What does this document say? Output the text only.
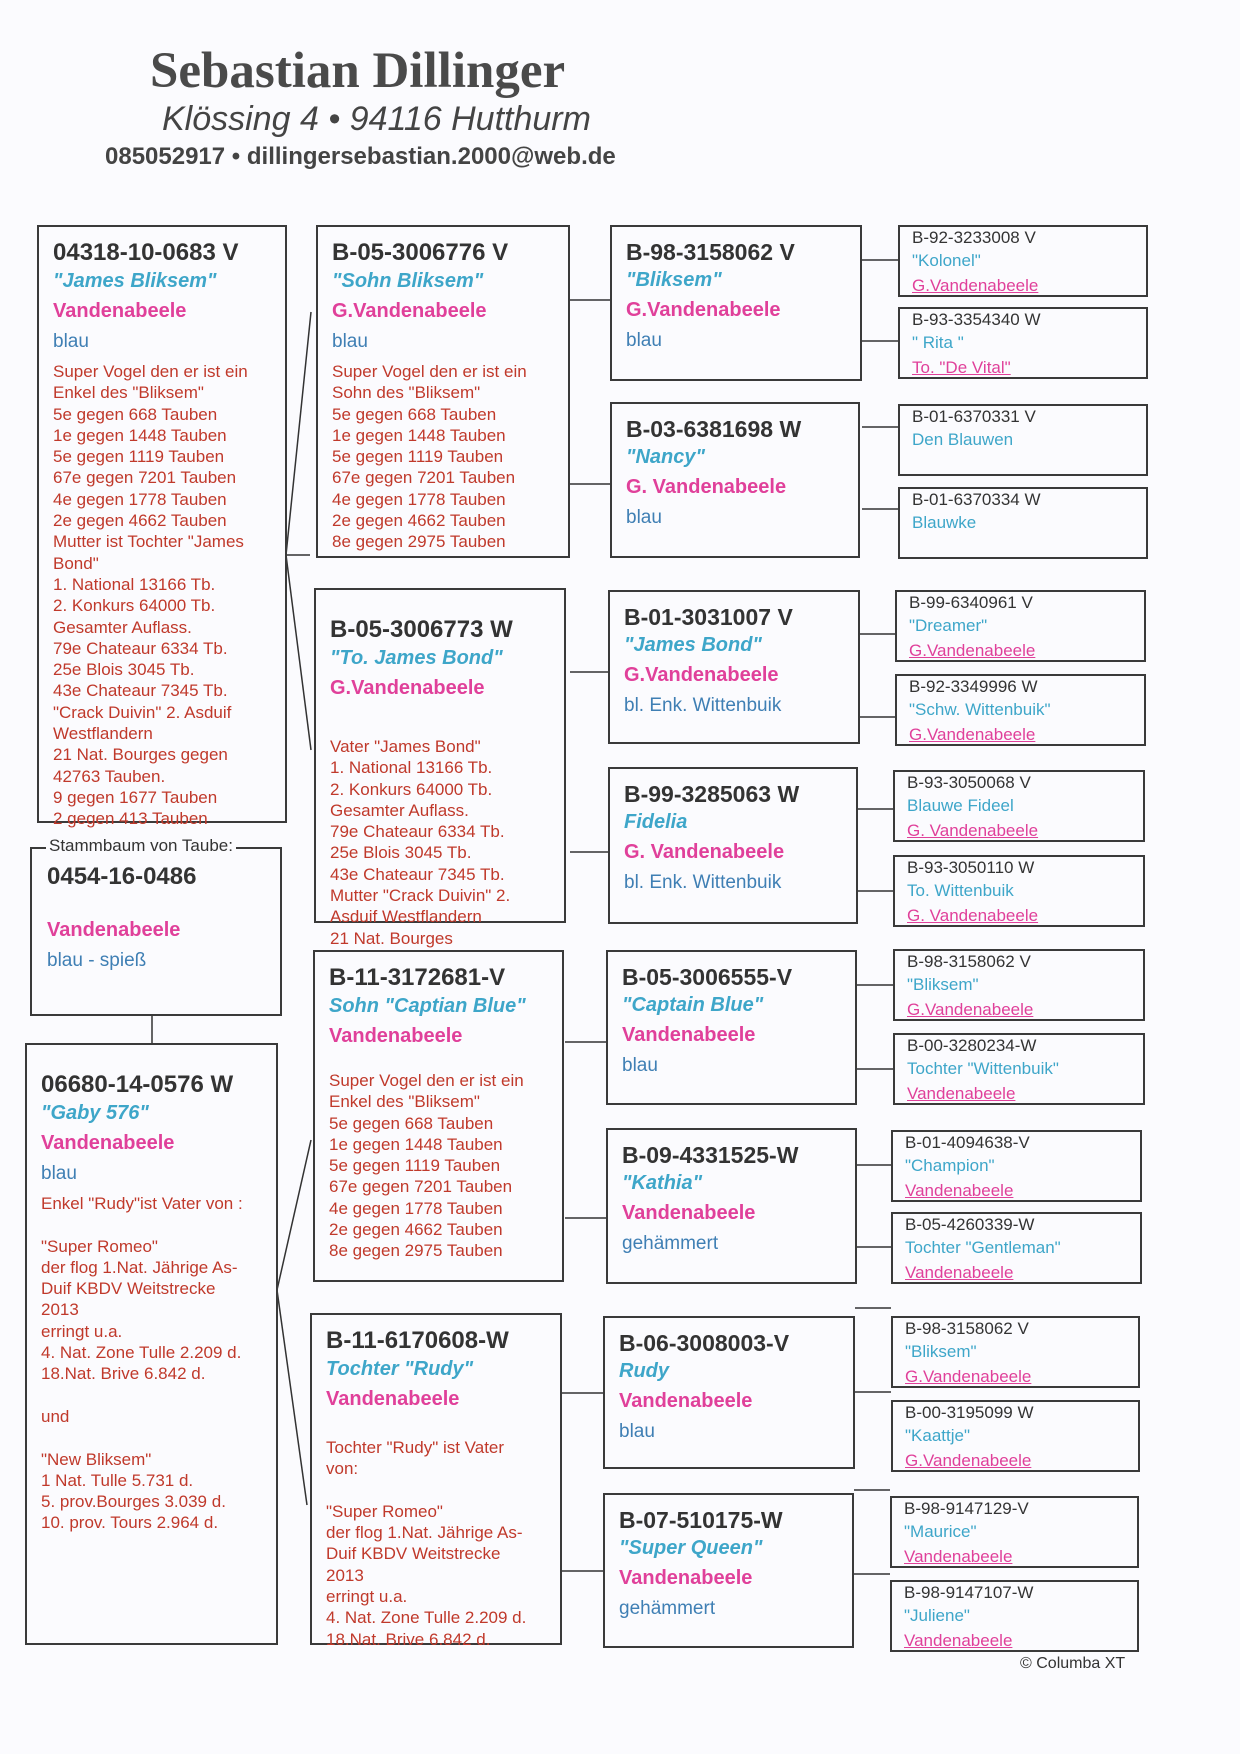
Sebastian Dillinger
Klössing 4 • 94116 Hutthurm
085052917 • dillingersebastian.2000@web.de
04318-10-0683 V
"James Bliksem"
Vandenabeele
blau
Super Vogel den er ist ein
Enkel des "Bliksem"
5e gegen 668 Tauben
1e gegen 1448 Tauben
5e gegen 1119 Tauben
67e gegen 7201 Tauben
4e gegen 1778 Tauben
2e gegen 4662 Tauben
Mutter ist Tochter "James
Bond"
1. National 13166 Tb.
2. Konkurs 64000 Tb.
Gesamter Auflass.
79e Chateaur 6334 Tb.
25e Blois 3045 Tb.
43e Chateaur 7345 Tb.
"Crack Duivin" 2. Asduif
Westflandern
21 Nat. Bourges gegen
42763 Tauben.
9 gegen 1677 Tauben
2 gegen 413 Tauben
0454-16-0486
Vandenabeele
blau - spieß
Stammbaum von Taube:
06680-14-0576 W
"Gaby 576"
Vandenabeele
blau
Enkel "Rudy"ist Vater von :

"Super Romeo"
der flog 1.Nat. Jährige As-
Duif KBDV Weitstrecke
2013
erringt u.a.
4. Nat. Zone Tulle 2.209 d.
18.Nat. Brive 6.842 d.

und

"New Bliksem"
1 Nat. Tulle 5.731 d.
5. prov.Bourges 3.039 d.
10. prov. Tours 2.964 d.
B-05-3006776 V
"Sohn Bliksem"
G.Vandenabeele
blau
Super Vogel den er ist ein
Sohn des "Bliksem"
5e gegen 668 Tauben
1e gegen 1448 Tauben
5e gegen 1119 Tauben
67e gegen 7201 Tauben
4e gegen 1778 Tauben
2e gegen 4662 Tauben
8e gegen 2975 Tauben
B-05-3006773 W
"To. James Bond"
G.Vandenabeele
Vater "James Bond"
1. National 13166 Tb.
2. Konkurs 64000 Tb.
Gesamter Auflass.
79e Chateaur 6334 Tb.
25e Blois 3045 Tb.
43e Chateaur 7345 Tb.
Mutter "Crack Duivin" 2.
Asduif Westflandern
21 Nat. Bourges
B-11-3172681-V
Sohn "Captian Blue"
Vandenabeele
Super Vogel den er ist ein
Enkel des "Bliksem"
5e gegen 668 Tauben
1e gegen 1448 Tauben
5e gegen 1119 Tauben
67e gegen 7201 Tauben
4e gegen 1778 Tauben
2e gegen 4662 Tauben
8e gegen 2975 Tauben
B-11-6170608-W
Tochter "Rudy"
Vandenabeele
Tochter "Rudy" ist Vater
von:

"Super Romeo"
der flog 1.Nat. Jährige As-
Duif KBDV Weitstrecke
2013
erringt u.a.
4. Nat. Zone Tulle 2.209 d.
18.Nat. Brive 6.842 d.
B-98-3158062 V
"Bliksem"
G.Vandenabeele
blau
B-03-6381698 W
"Nancy"
G. Vandenabeele
blau
B-01-3031007 V
"James Bond"
G.Vandenabeele
bl. Enk. Wittenbuik
B-99-3285063 W
Fidelia
G. Vandenabeele
bl. Enk. Wittenbuik
B-05-3006555-V
"Captain Blue"
Vandenabeele
blau
B-09-4331525-W
"Kathia"
Vandenabeele
gehämmert
B-06-3008003-V
Rudy
Vandenabeele
blau
B-07-510175-W
"Super Queen"
Vandenabeele
gehämmert
B-92-3233008 V
"Kolonel"
G.Vandenabeele
B-93-3354340 W
" Rita "
To. "De Vital"
B-01-6370331 V
Den Blauwen
B-01-6370334 W
Blauwke
B-99-6340961 V
"Dreamer"
G.Vandenabeele
B-92-3349996 W
"Schw. Wittenbuik"
G.Vandenabeele
B-93-3050068 V
Blauwe Fideel
G. Vandenabeele
B-93-3050110 W
To. Wittenbuik
G. Vandenabeele
B-98-3158062 V
"Bliksem"
G.Vandenabeele
B-00-3280234-W
Tochter "Wittenbuik"
Vandenabeele
B-01-4094638-V
"Champion"
Vandenabeele
B-05-4260339-W
Tochter "Gentleman"
Vandenabeele
B-98-3158062 V
"Bliksem"
G.Vandenabeele
B-00-3195099 W
"Kaattje"
G.Vandenabeele
B-98-9147129-V
"Maurice"
Vandenabeele
B-98-9147107-W
"Juliene"
Vandenabeele
© Columba XT
